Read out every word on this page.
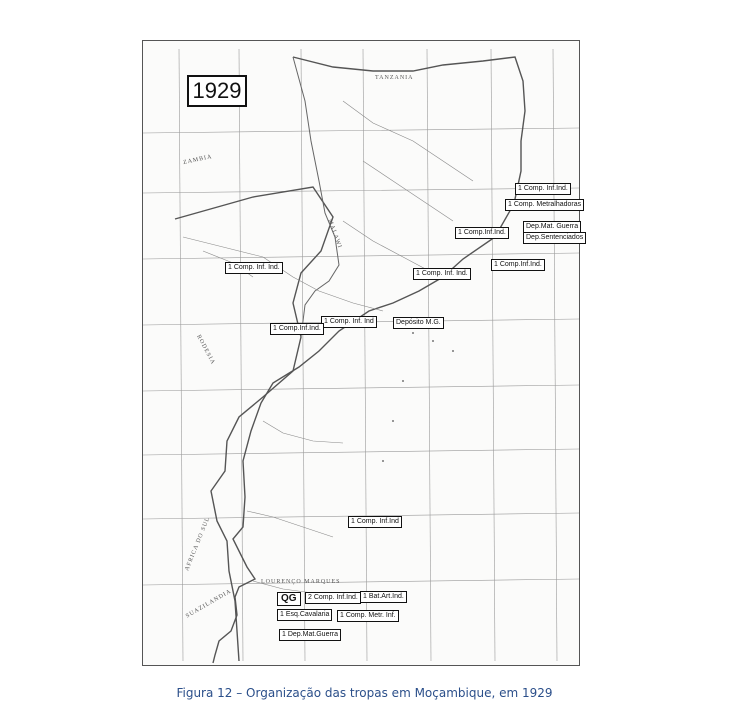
1929	TANZANIA
ZAMBIA
MALAWI
RODESIA
AFRICA DO SUL
SUAZILANDIA
LOURENÇO MARQUES
1 Comp. Inf.Ind.
1 Comp. Metralhadoras
1 Comp.Inf.Ind.
Dep.Mat. Guerra
Dep.Sentenciados
1 Comp.Inf.Ind.
1 Comp. Inf. Ind.
1 Comp. Inf. Ind.
1 Comp. Inf. Ind
1 Comp.Inf.Ind.
Depósito M.G.
1 Comp. Inf.Ind
QG	2 Comp. Inf.Ind. 1 Bat.Art.Ind.
1 Esq.Cavalaria	1 Comp. Metr. Inf.
1 Dep.Mat.Guerra
Figura 12 – Organização das tropas em Moçambique, em 1929
